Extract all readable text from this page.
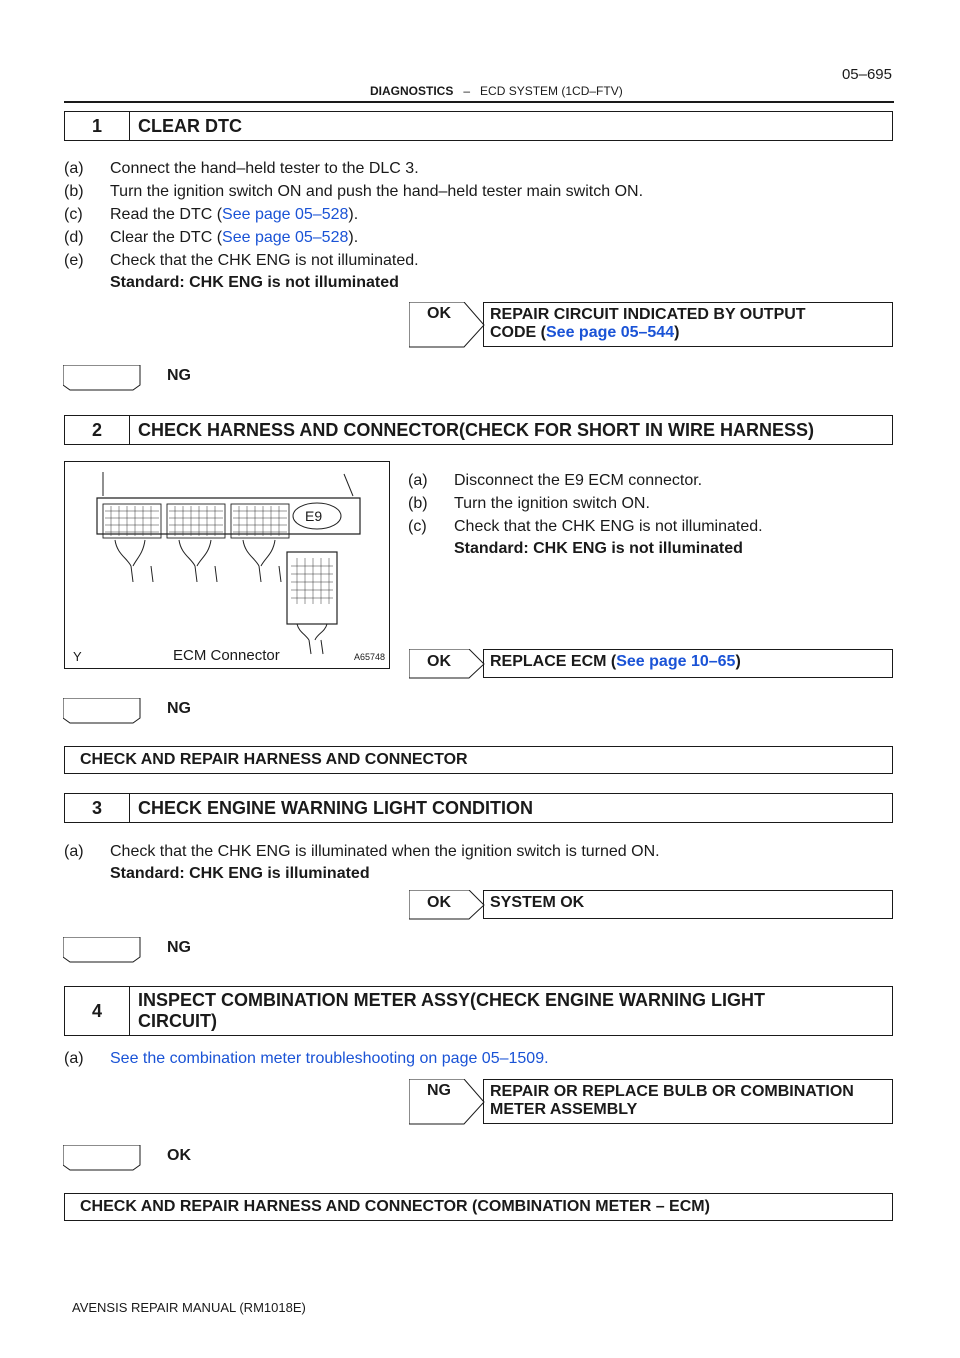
05–695
DIAGNOSTICS – ECD SYSTEM (1CD–FTV)
1	CLEAR DTC
(a) Connect the hand–held tester to the DLC 3.
(b) Turn the ignition switch ON and push the hand–held tester main switch ON.
(c) Read the DTC (See page 05–528).
(d) Clear the DTC (See page 05–528).
(e) Check that the CHK ENG is not illuminated.
Standard: CHK ENG is not illuminated
OK REPAIR CIRCUIT INDICATED BY OUTPUT
CODE (See page 05–544)
NG
2	CHECK HARNESS AND CONNECTOR(CHECK FOR SHORT IN WIRE HARNESS)
E9
Y	ECM Connector	A65748
(a) Disconnect the E9 ECM connector.
(b) Turn the ignition switch ON.
(c) Check that the CHK ENG is not illuminated.
Standard: CHK ENG is not illuminated
OK	REPLACE ECM (See page 10–65)
NG
CHECK AND REPAIR HARNESS AND CONNECTOR
3	CHECK ENGINE WARNING LIGHT CONDITION
(a) Check that the CHK ENG is illuminated when the ignition switch is turned ON.
Standard: CHK ENG is illuminated
OK	SYSTEM OK
NG
4
INSPECT COMBINATION METER ASSY(CHECK ENGINE WARNING LIGHT
CIRCUIT)
(a) See the combination meter troubleshooting on page 05–1509.
NG REPAIR OR REPLACE BULB OR COMBINATION
METER ASSEMBLY
OK
CHECK AND REPAIR HARNESS AND CONNECTOR (COMBINATION METER – ECM)
AVENSIS REPAIR MANUAL (RM1018E)
